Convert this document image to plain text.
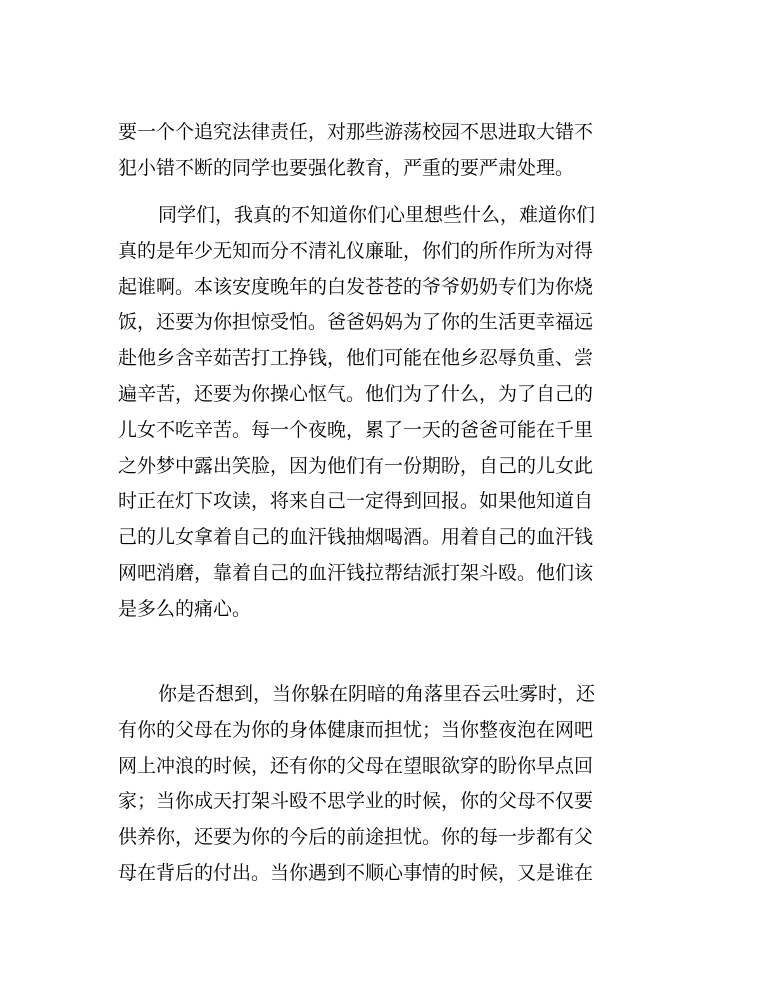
要一个个追究法律责任，对那些游荡校园不思进取大错不
犯小错不断的同学也要强化教育，严重的要严肃处理。
同学们，我真的不知道你们心里想些什么，难道你们
真的是年少无知而分不清礼仪廉耻，你们的所作所为对得
起谁啊。本该安度晚年的白发苍苍的爷爷奶奶专们为你烧
饭，还要为你担惊受怕。爸爸妈妈为了你的生活更幸福远
赴他乡含辛茹苦打工挣钱，他们可能在他乡忍辱负重、尝
遍辛苦，还要为你操心怄气。他们为了什么，为了自己的
儿女不吃辛苦。每一个夜晚，累了一天的爸爸可能在千里
之外梦中露出笑脸，因为他们有一份期盼，自己的儿女此
时正在灯下攻读，将来自己一定得到回报。如果他知道自
己的儿女拿着自己的血汗钱抽烟喝酒。用着自己的血汗钱
网吧消磨，靠着自己的血汗钱拉帮结派打架斗殴。他们该
是多么的痛心。
你是否想到，当你躲在阴暗的角落里吞云吐雾时，还
有你的父母在为你的身体健康而担忧；当你整夜泡在网吧
网上冲浪的时候，还有你的父母在望眼欲穿的盼你早点回
家；当你成天打架斗殴不思学业的时候，你的父母不仅要
供养你，还要为你的今后的前途担忧。你的每一步都有父
母在背后的付出。当你遇到不顺心事情的时候，又是谁在
